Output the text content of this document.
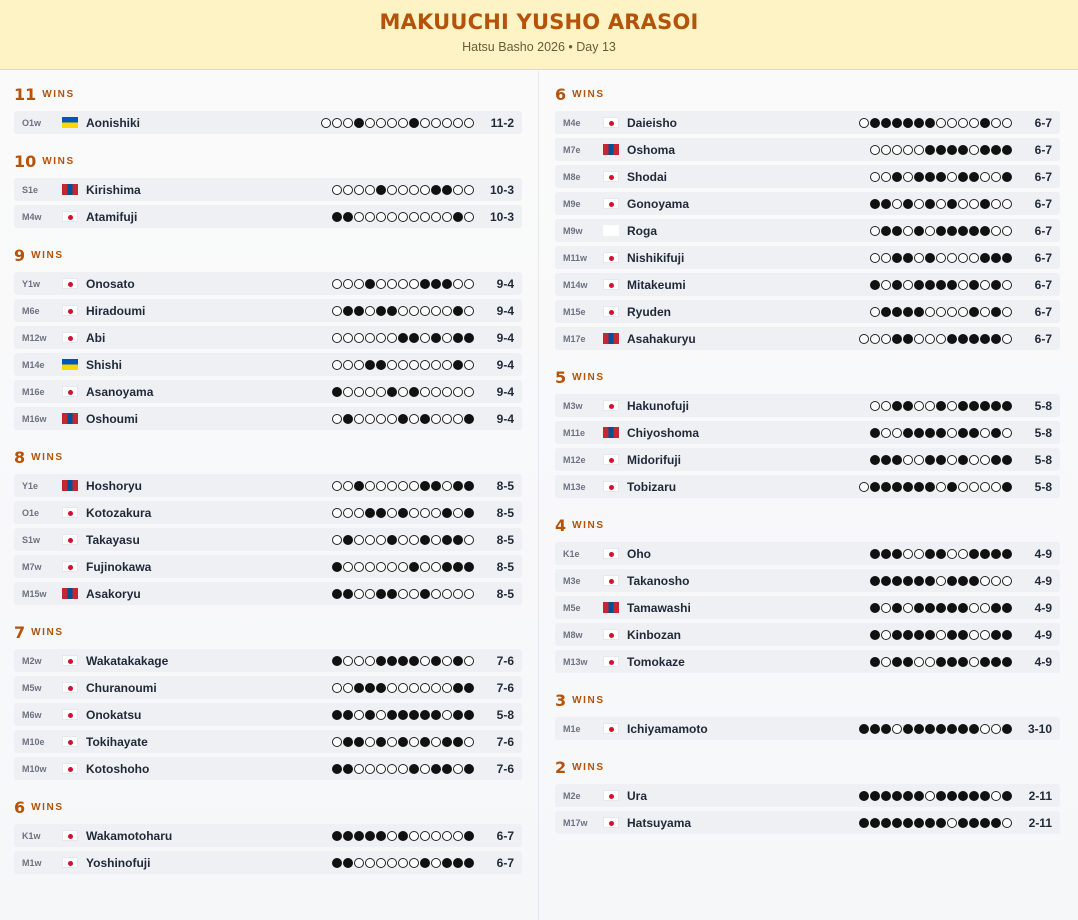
MAKUUCHI YUSHO ARASOI
Hatsu Basho 2026 • Day 13
11 WINS
O1w	Aonishiki	11-2
10 WINS
S1e	Kirishima	10-3
M4w	Atamifuji	10-3
9 WINS
Y1w	Onosato	9-4
M6e	Hiradoumi	9-4
M12w	Abi	9-4
M14e	Shishi	9-4
M16e	Asanoyama	9-4
M16w	Oshoumi	9-4
8 WINS
Y1e	Hoshoryu	8-5
O1e	Kotozakura	8-5
S1w	Takayasu	8-5
M7w	Fujinokawa	8-5
M15w	Asakoryu	8-5
7 WINS
M2w	Wakatakakage	7-6
M5w	Churanoumi	7-6
M6w	Onokatsu	5-8
M10e	Tokihayate	7-6
M10w	Kotoshoho	7-6
6 WINS
K1w	Wakamotoharu	6-7
M1w	Yoshinofuji	6-7
6 WINS
M4e	Daieisho	6-7
M7e	Oshoma	6-7
M8e	Shodai	6-7
M9e	Gonoyama	6-7
M9w	Roga	6-7
M11w	Nishikifuji	6-7
M14w	Mitakeumi	6-7
M15e	Ryuden	6-7
M17e	Asahakuryu	6-7
5 WINS
M3w	Hakunofuji	5-8
M11e	Chiyoshoma	5-8
M12e	Midorifuji	5-8
M13e	Tobizaru	5-8
4 WINS
K1e	Oho	4-9
M3e	Takanosho	4-9
M5e	Tamawashi	4-9
M8w	Kinbozan	4-9
M13w	Tomokaze	4-9
3 WINS
M1e	Ichiyamamoto	3-10
2 WINS
M2e	Ura	2-11
M17w	Hatsuyama	2-11
